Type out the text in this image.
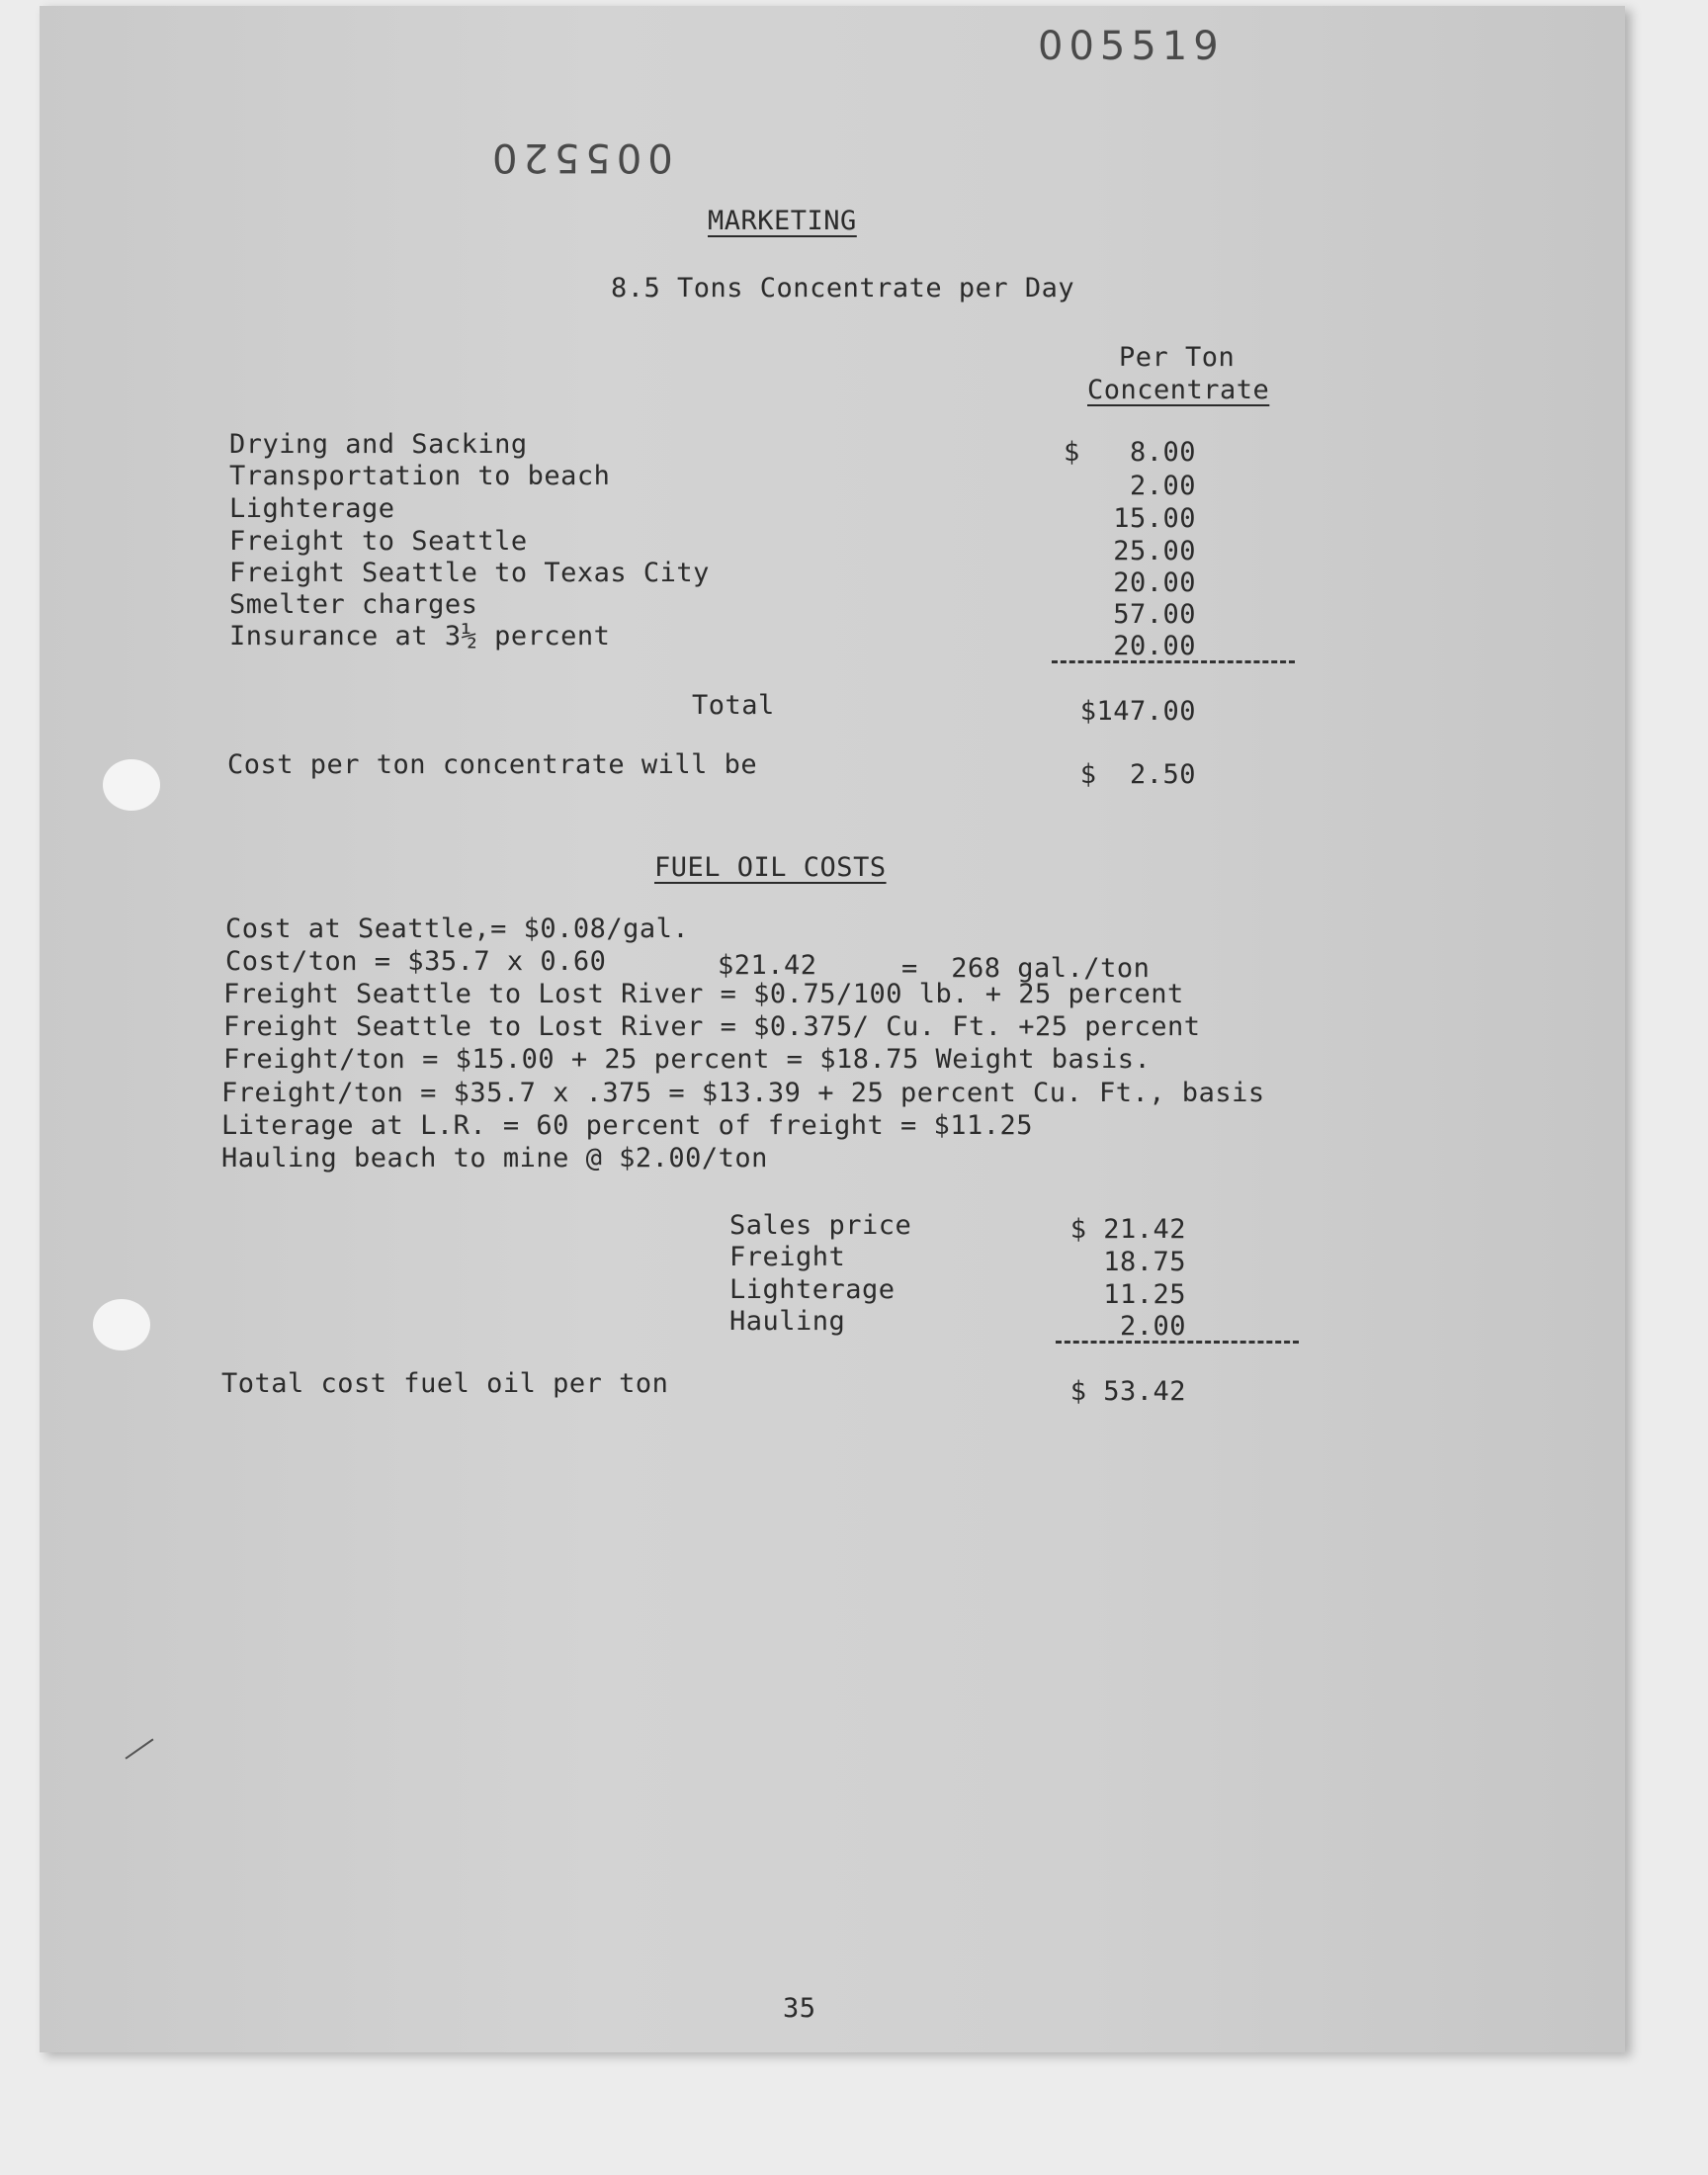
005519
005520
MARKETING
8.5 Tons Concentrate per Day
Per Ton
Concentrate
Drying and Sacking	$   8.00
Transportation to beach	2.00
Lighterage	15.00
Freight to Seattle	25.00
Freight Seattle to Texas City	20.00
Smelter charges	57.00
Insurance at 3½ percent	20.00
Total	$147.00
Cost per ton concentrate will be	$  2.50
FUEL OIL COSTS
Cost at Seattle,= $0.08/gal.
Cost/ton = $35.7 x 0.60	$21.42	=  268 gal./ton
Freight Seattle to Lost River = $0.75/100 lb. + 25 percent
Freight Seattle to Lost River = $0.375/ Cu. Ft. +25 percent
Freight/ton = $15.00 + 25 percent = $18.75 Weight basis.
Freight/ton = $35.7 x .375 = $13.39 + 25 percent Cu. Ft., basis
Literage at L.R. = 60 percent of freight = $11.25
Hauling beach to mine @ $2.00/ton
Sales price	$ 21.42
Freight	18.75
Lighterage	11.25
Hauling	2.00
Total cost fuel oil per ton	$ 53.42
35
